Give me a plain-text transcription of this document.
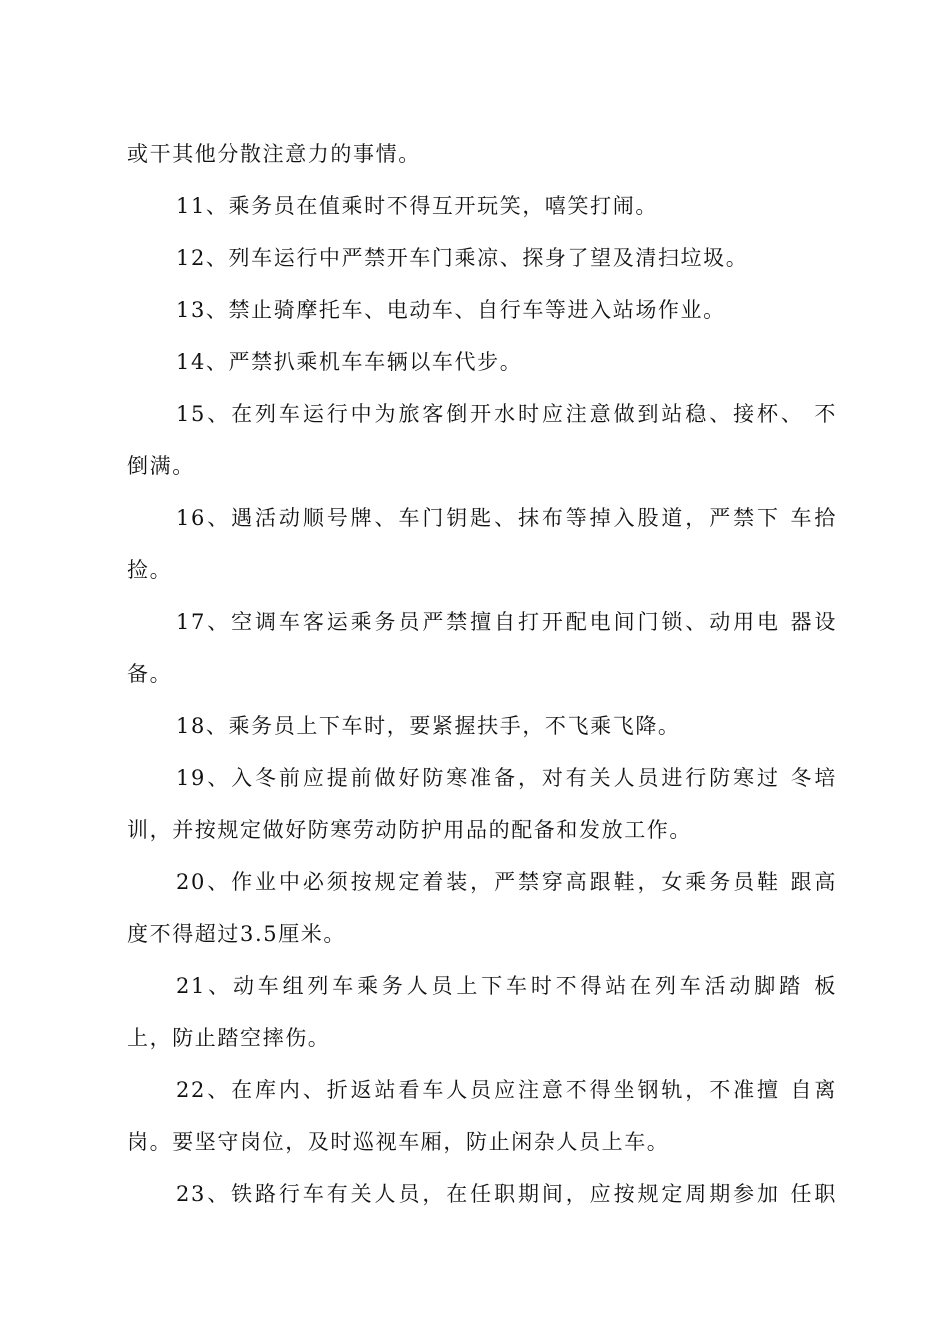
或干其他分散注意力的事情。
11、乘务员在值乘时不得互开玩笑，嘻笑打闹。
12、列车运行中严禁开车门乘凉、探身了望及清扫垃圾。
13、禁止骑摩托车、电动车、自行车等进入站场作业。
14、严禁扒乘机车车辆以车代步。
15、在列车运行中为旅客倒开水时应注意做到站稳、接杯、 不
倒满。
16、遇活动顺号牌、车门钥匙、抹布等掉入股道，严禁下 车拾
捡。
17、空调车客运乘务员严禁擅自打开配电间门锁、动用电 器设
备。
18、乘务员上下车时，要紧握扶手，不飞乘飞降。
19、入冬前应提前做好防寒准备，对有关人员进行防寒过 冬培
训，并按规定做好防寒劳动防护用品的配备和发放工作。
20、作业中必须按规定着装，严禁穿高跟鞋，女乘务员鞋 跟高
度不得超过3.5厘米。
21、动车组列车乘务人员上下车时不得站在列车活动脚踏 板
上，防止踏空摔伤。
22、在库内、折返站看车人员应注意不得坐钢轨，不准擅 自离
岗。要坚守岗位，及时巡视车厢，防止闲杂人员上车。
23、铁路行车有关人员，在任职期间，应按规定周期参加 任职
